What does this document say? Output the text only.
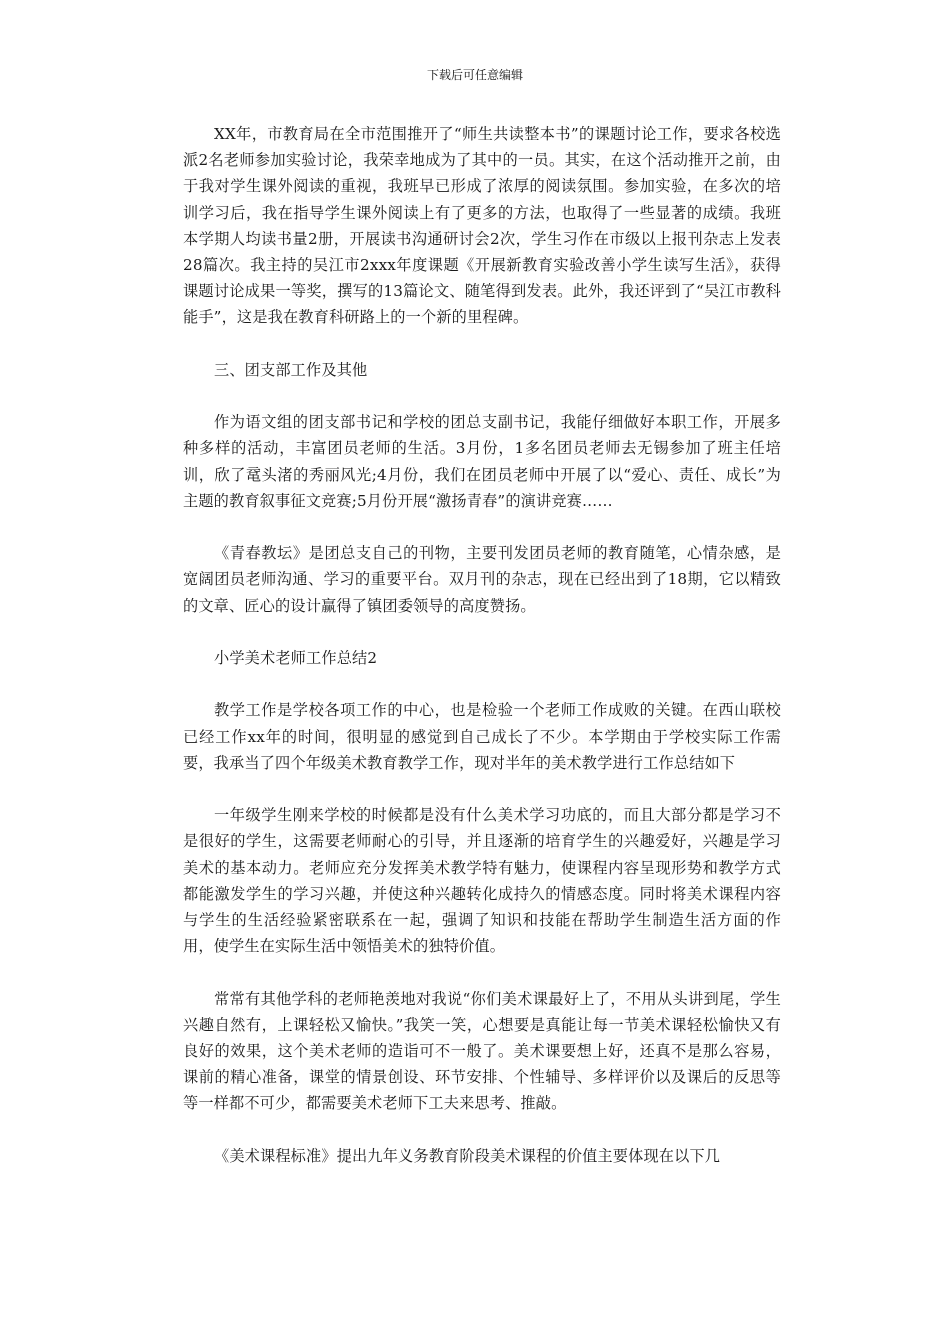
下载后可任意编辑

XX年，市教育局在全市范围推开了“师生共读整本书”的课题讨论工作，要求各校选派2名老师参加实验讨论，我荣幸地成为了其中的一员。其实，在这个活动推开之前，由于我对学生课外阅读的重视，我班早已形成了浓厚的阅读氛围。参加实验，在多次的培训学习后，我在指导学生课外阅读上有了更多的方法，也取得了一些显著的成绩。我班本学期人均读书量2册，开展读书沟通研讨会2次，学生习作在市级以上报刊杂志上发表28篇次。我主持的吴江市2xxx年度课题《开展新教育实验改善小学生读写生活》，获得课题讨论成果一等奖，撰写的13篇论文、随笔得到发表。此外，我还评到了“吴江市教科能手”，这是我在教育科研路上的一个新的里程碑。

三、团支部工作及其他

作为语文组的团支部书记和学校的团总支副书记，我能仔细做好本职工作，开展多种多样的活动，丰富团员老师的生活。3月份，1多名团员老师去无锡参加了班主任培训，欣了鼋头渚的秀丽风光;4月份，我们在团员老师中开展了以“爱心、责任、成长”为主题的教育叙事征文竞赛;5月份开展“激扬青春”的演讲竞赛……

《青春教坛》是团总支自己的刊物，主要刊发团员老师的教育随笔，心情杂感，是宽阔团员老师沟通、学习的重要平台。双月刊的杂志，现在已经出到了18期，它以精致的文章、匠心的设计赢得了镇团委领导的高度赞扬。

小学美术老师工作总结2

教学工作是学校各项工作的中心，也是检验一个老师工作成败的关键。在西山联校已经工作xx年的时间，很明显的感觉到自己成长了不少。本学期由于学校实际工作需要，我承当了四个年级美术教育教学工作，现对半年的美术教学进行工作总结如下

一年级学生刚来学校的时候都是没有什么美术学习功底的，而且大部分都是学习不是很好的学生，这需要老师耐心的引导，并且逐渐的培育学生的兴趣爱好，兴趣是学习美术的基本动力。老师应充分发挥美术教学特有魅力，使课程内容呈现形势和教学方式都能激发学生的学习兴趣，并使这种兴趣转化成持久的情感态度。同时将美术课程内容与学生的生活经验紧密联系在一起，强调了知识和技能在帮助学生制造生活方面的作用，使学生在实际生活中领悟美术的独特价值。

常常有其他学科的老师艳羡地对我说“你们美术课最好上了，不用从头讲到尾，学生兴趣自然有，上课轻松又愉快。”我笑一笑，心想要是真能让每一节美术课轻松愉快又有良好的效果，这个美术老师的造诣可不一般了。美术课要想上好，还真不是那么容易，课前的精心准备，课堂的情景创设、环节安排、个性辅导、多样评价以及课后的反思等等一样都不可少，都需要美术老师下工夫来思考、推敲。

《美术课程标准》提出九年义务教育阶段美术课程的价值主要体现在以下几
